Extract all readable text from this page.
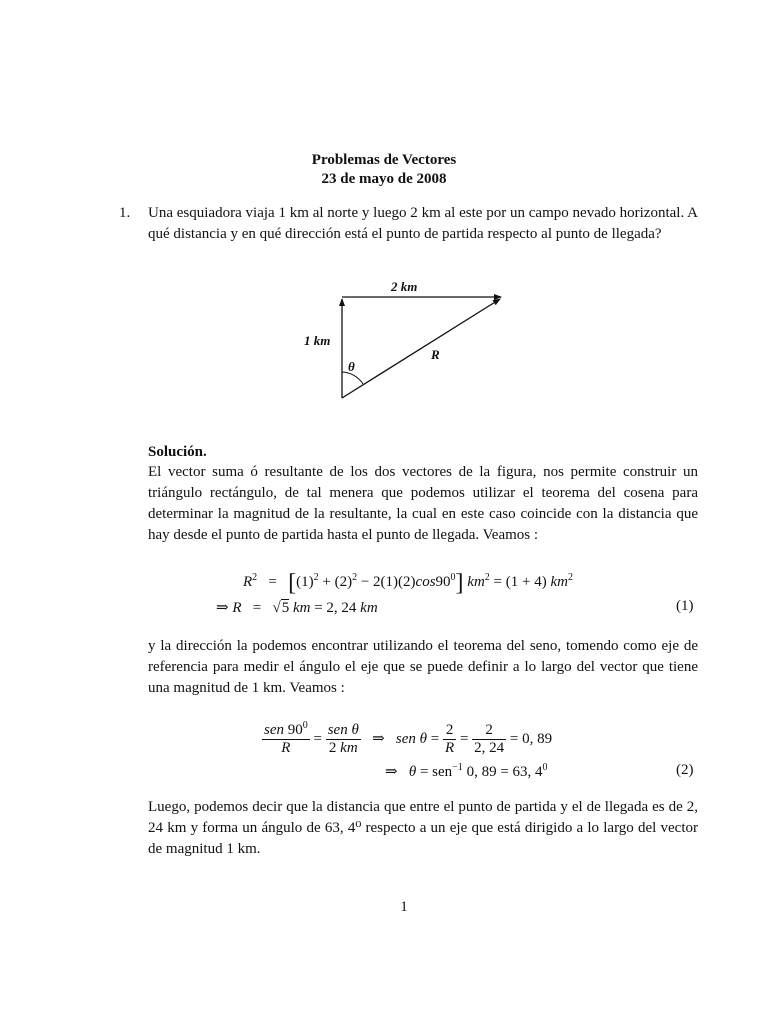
Problemas de Vectores
23 de mayo de 2008
1. Una esquiadora viaja 1 km al norte y luego 2 km al este por un campo nevado horizontal. A qué distancia y en qué dirección está el punto de partida respecto al punto de llegada?
2 km
1 km
R
θ
Solución.
El vector suma ó resultante de los dos vectores de la figura, nos permite construir un triángulo rectángulo, de tal menera que podemos utilizar el teorema del cosena para determinar la magnitud de la resultante, la cual en este caso coincide con la distancia que hay desde el punto de partida hasta el punto de llegada. Veamos :
$R^2 = [(1)^2 + (2)^2 - 2(1)(2)\cos 90^0] km^2 = (1 + 4)$ $km^2$
⇒ R   =   √5 km = 2, 24 km	(1)
y la dirección la podemos encontrar utilizando el teorema del seno, tomendo como eje de referencia para medir el ángulo el eje que se puede definir a lo largo del vector que tiene una magnitud de 1 km. Veamos :
$\frac{sen 90^0}{R} = \frac{\text{sen θ}}{2 km}$ ⇒   sen $\theta = \frac{2}{R} = \frac{2}{2, 24} = 0$, 89
⇒   θ = sen$^{-1}$ 0, 89 = 63, $4^0$	(2)
Luego, podemos decir que la distancia que entre el punto de partida y el de llegada es de 2, 24 km y forma un ángulo de 63, 4⁰ respecto a un eje que está dirigido a lo largo del vector de magnitud 1 km.
1
